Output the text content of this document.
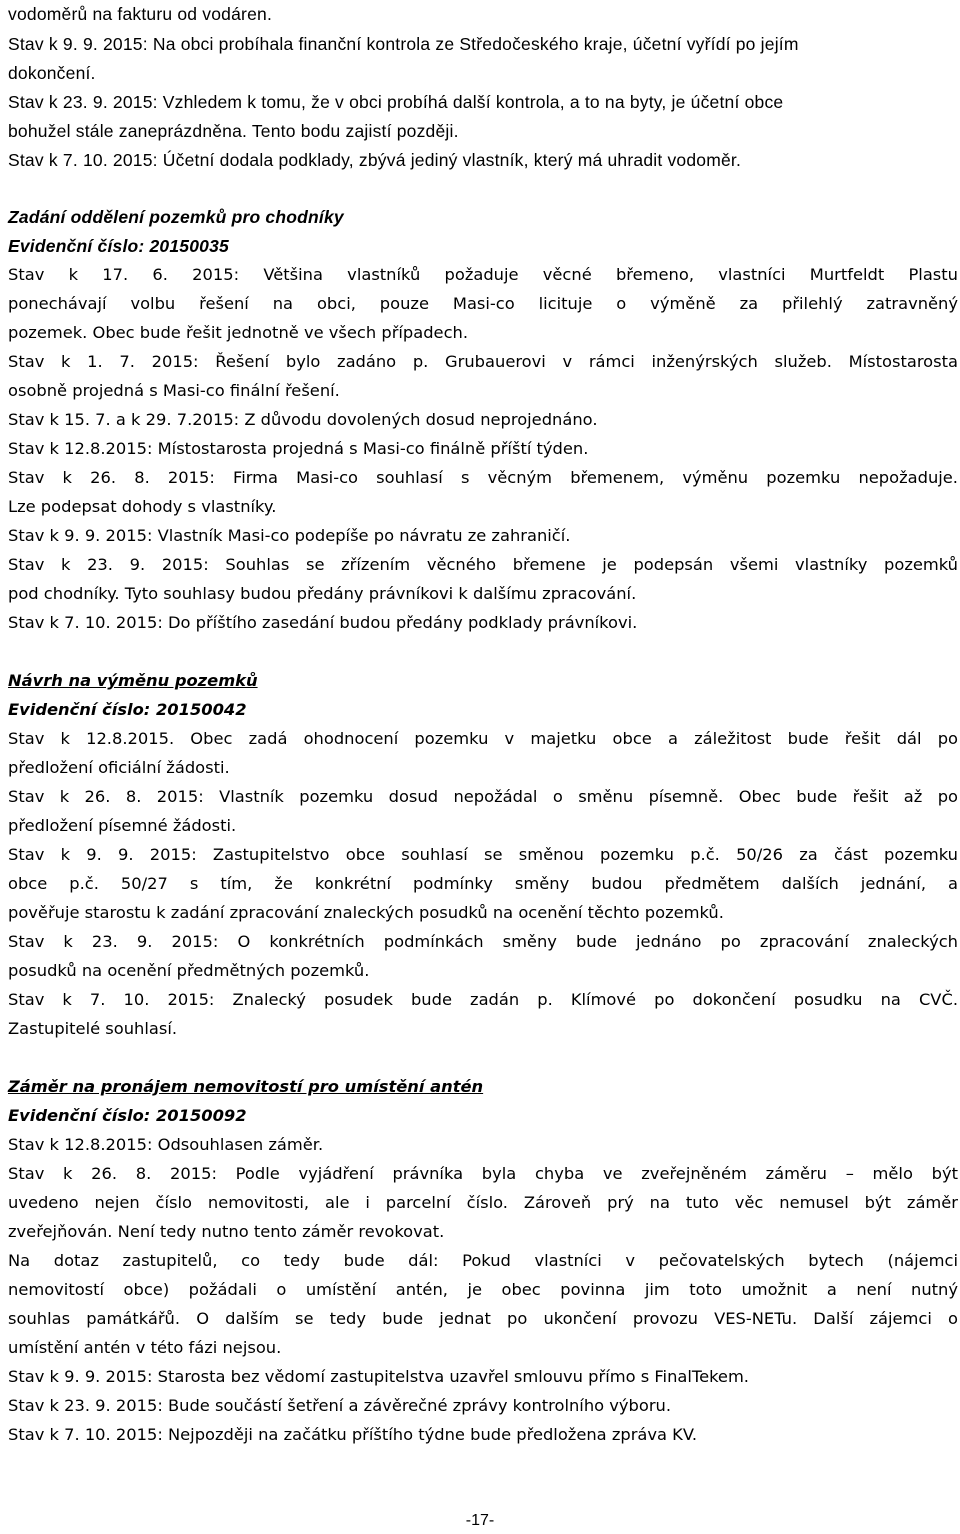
vodoměrů na fakturu od vodáren.

Stav k 9. 9. 2015: Na obci probíhala finanční kontrola ze Středočeského kraje, účetní vyřídí po jejím

dokončení.

Stav k 23. 9. 2015: Vzhledem k tomu, že v obci probíhá další kontrola, a to na byty, je účetní obce

bohužel stále zaneprázdněna. Tento bodu zajistí později.

Stav k 7. 10. 2015: Účetní dodala podklady, zbývá jediný vlastník, který má uhradit vodoměr.

Zadání oddělení pozemků pro chodníky

Evidenční číslo: 20150035

Stav k 17. 6. 2015: Většina vlastníků požaduje věcné břemeno, vlastníci Murtfeldt Plastu

ponechávají volbu řešení na obci, pouze Masi-co licituje o výměně za přilehlý zatravněný

pozemek. Obec bude řešit jednotně ve všech případech.

Stav k 1. 7. 2015: Řešení bylo zadáno p. Grubauerovi v rámci inženýrských služeb. Místostarosta

osobně projedná s Masi-co finální řešení.

Stav k 15. 7. a k 29. 7.2015: Z důvodu dovolených dosud neprojednáno.

Stav k 12.8.2015: Místostarosta projedná s Masi-co finálně příští týden.

Stav k 26. 8. 2015: Firma Masi-co souhlasí s věcným břemenem, výměnu pozemku nepožaduje.

Lze podepsat dohody s vlastníky.

Stav k 9. 9. 2015: Vlastník Masi-co podepíše po návratu ze zahraničí.

Stav k 23. 9. 2015: Souhlas se zřízením věcného břemene je podepsán všemi vlastníky pozemků

pod chodníky. Tyto souhlasy budou předány právníkovi k dalšímu zpracování.

Stav k 7. 10. 2015: Do příštího zasedání budou předány podklady právníkovi.

Návrh na výměnu pozemků

Evidenční číslo: 20150042

Stav k 12.8.2015. Obec zadá ohodnocení pozemku v majetku obce a záležitost bude řešit dál po

předložení oficiální žádosti.

Stav k 26. 8. 2015: Vlastník pozemku dosud nepožádal o směnu písemně. Obec bude řešit až po

předložení písemné žádosti.

Stav k 9. 9. 2015: Zastupitelstvo obce souhlasí se směnou pozemku p.č. 50/26 za část pozemku

obce p.č. 50/27 s tím, že konkrétní podmínky směny budou předmětem dalších jednání, a

pověřuje starostu k zadání zpracování znaleckých posudků na ocenění těchto pozemků.

Stav k 23. 9. 2015: O konkrétních podmínkách směny bude jednáno po zpracování znaleckých

posudků na ocenění předmětných pozemků.

Stav k 7. 10. 2015: Znalecký posudek bude zadán p. Klímové po dokončení posudku na CVČ.

Zastupitelé souhlasí.

Záměr na pronájem nemovitostí pro umístění antén

Evidenční číslo: 20150092

Stav k 12.8.2015: Odsouhlasen záměr.

Stav k 26. 8. 2015: Podle vyjádření právníka byla chyba ve zveřejněném záměru – mělo být

uvedeno nejen číslo nemovitosti, ale i parcelní číslo. Zároveň prý na tuto věc nemusel být záměr

zveřejňován. Není tedy nutno tento záměr revokovat.

Na dotaz zastupitelů, co tedy bude dál: Pokud vlastníci v pečovatelských bytech (nájemci

nemovitostí obce) požádali o umístění antén, je obec povinna jim toto umožnit a není nutný

souhlas památkářů. O dalším se tedy bude jednat po ukončení provozu VES-NETu. Další zájemci o

umístění antén v této fázi nejsou.

Stav k 9. 9. 2015: Starosta bez vědomí zastupitelstva uzavřel smlouvu přímo s FinalTekem.

Stav k 23. 9. 2015: Bude součástí šetření a závěrečné zprávy kontrolního výboru.

Stav k 7. 10. 2015: Nejpozději na začátku příštího týdne bude předložena zpráva KV.

-17-
